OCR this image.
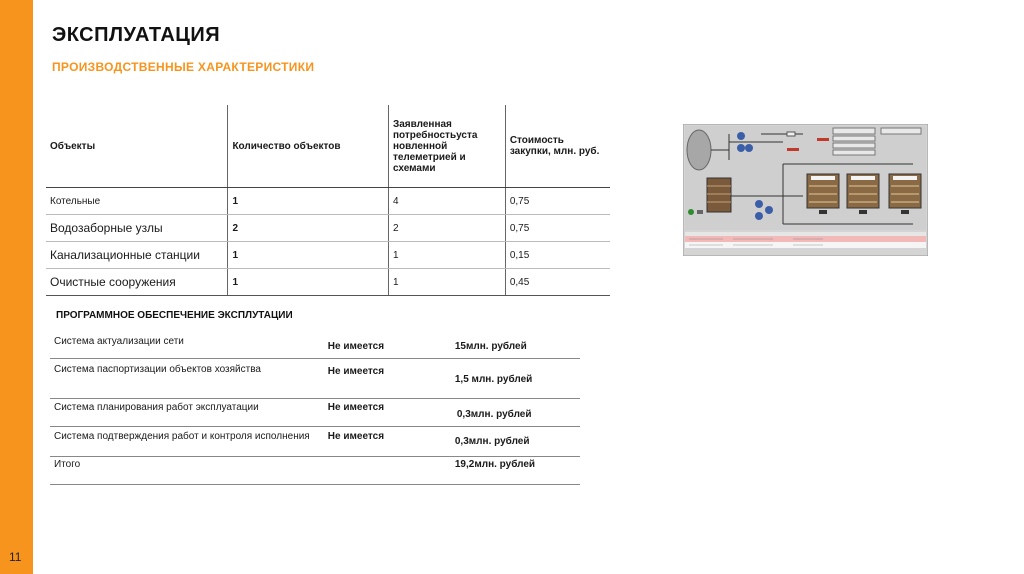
11
ЭКСПЛУАТАЦИЯ
ПРОИЗВОДСТВЕННЫЕ ХАРАКТЕРИСТИКИ
Объекты	Количество объектов	Заявленная потребностьуста новленной телеметрией и схемами	Стоимость закупки, млн. руб.
Котельные	1	4	0,75
Водозаборные узлы	2	2	0,75
Канализационные станции	1	1	0,15
Очистные сооружения	1	1	0,45
ПРОГРАММНОЕ ОБЕСПЕЧЕНИЕ ЭКСПЛУТАЦИИ
Система актуализации сети	Не имеется	15млн. рублей
Система паспортизации объектов хозяйства	Не имеется	1,5 млн. рублей
Система планирования работ эксплуатации	Не имеется	0,3млн. рублей
Система подтверждения работ и контроля исполнения	Не имеется	0,3млн. рублей
Итого		19,2млн. рублей
